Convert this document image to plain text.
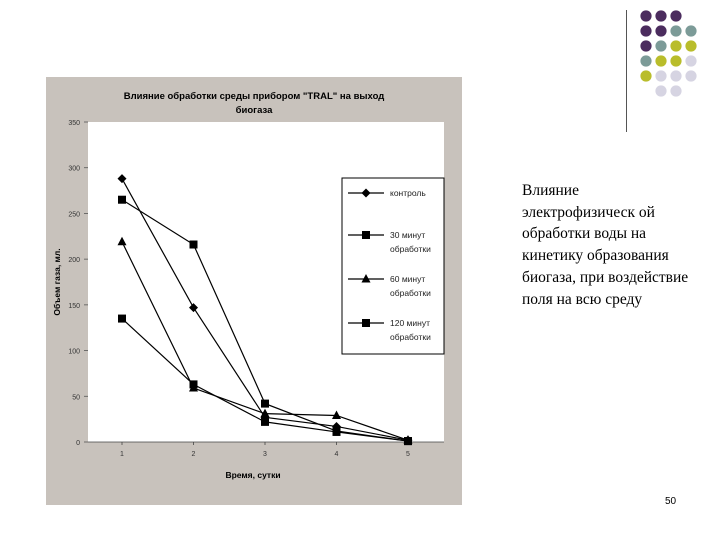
Влияние обработки среды прибором "TRAL" на выход
биогаза
Время, сутки
Объем газа, мл.
0
50
100
150
200
250
300
350
1	2	3	4	5
контроль
30 минут
обработки
60 минут
обработки
120 минут
обработки
Влияние электрофизическ ой обработки воды на кинетику образования биогаза, при воздействие поля на всю среду
50
